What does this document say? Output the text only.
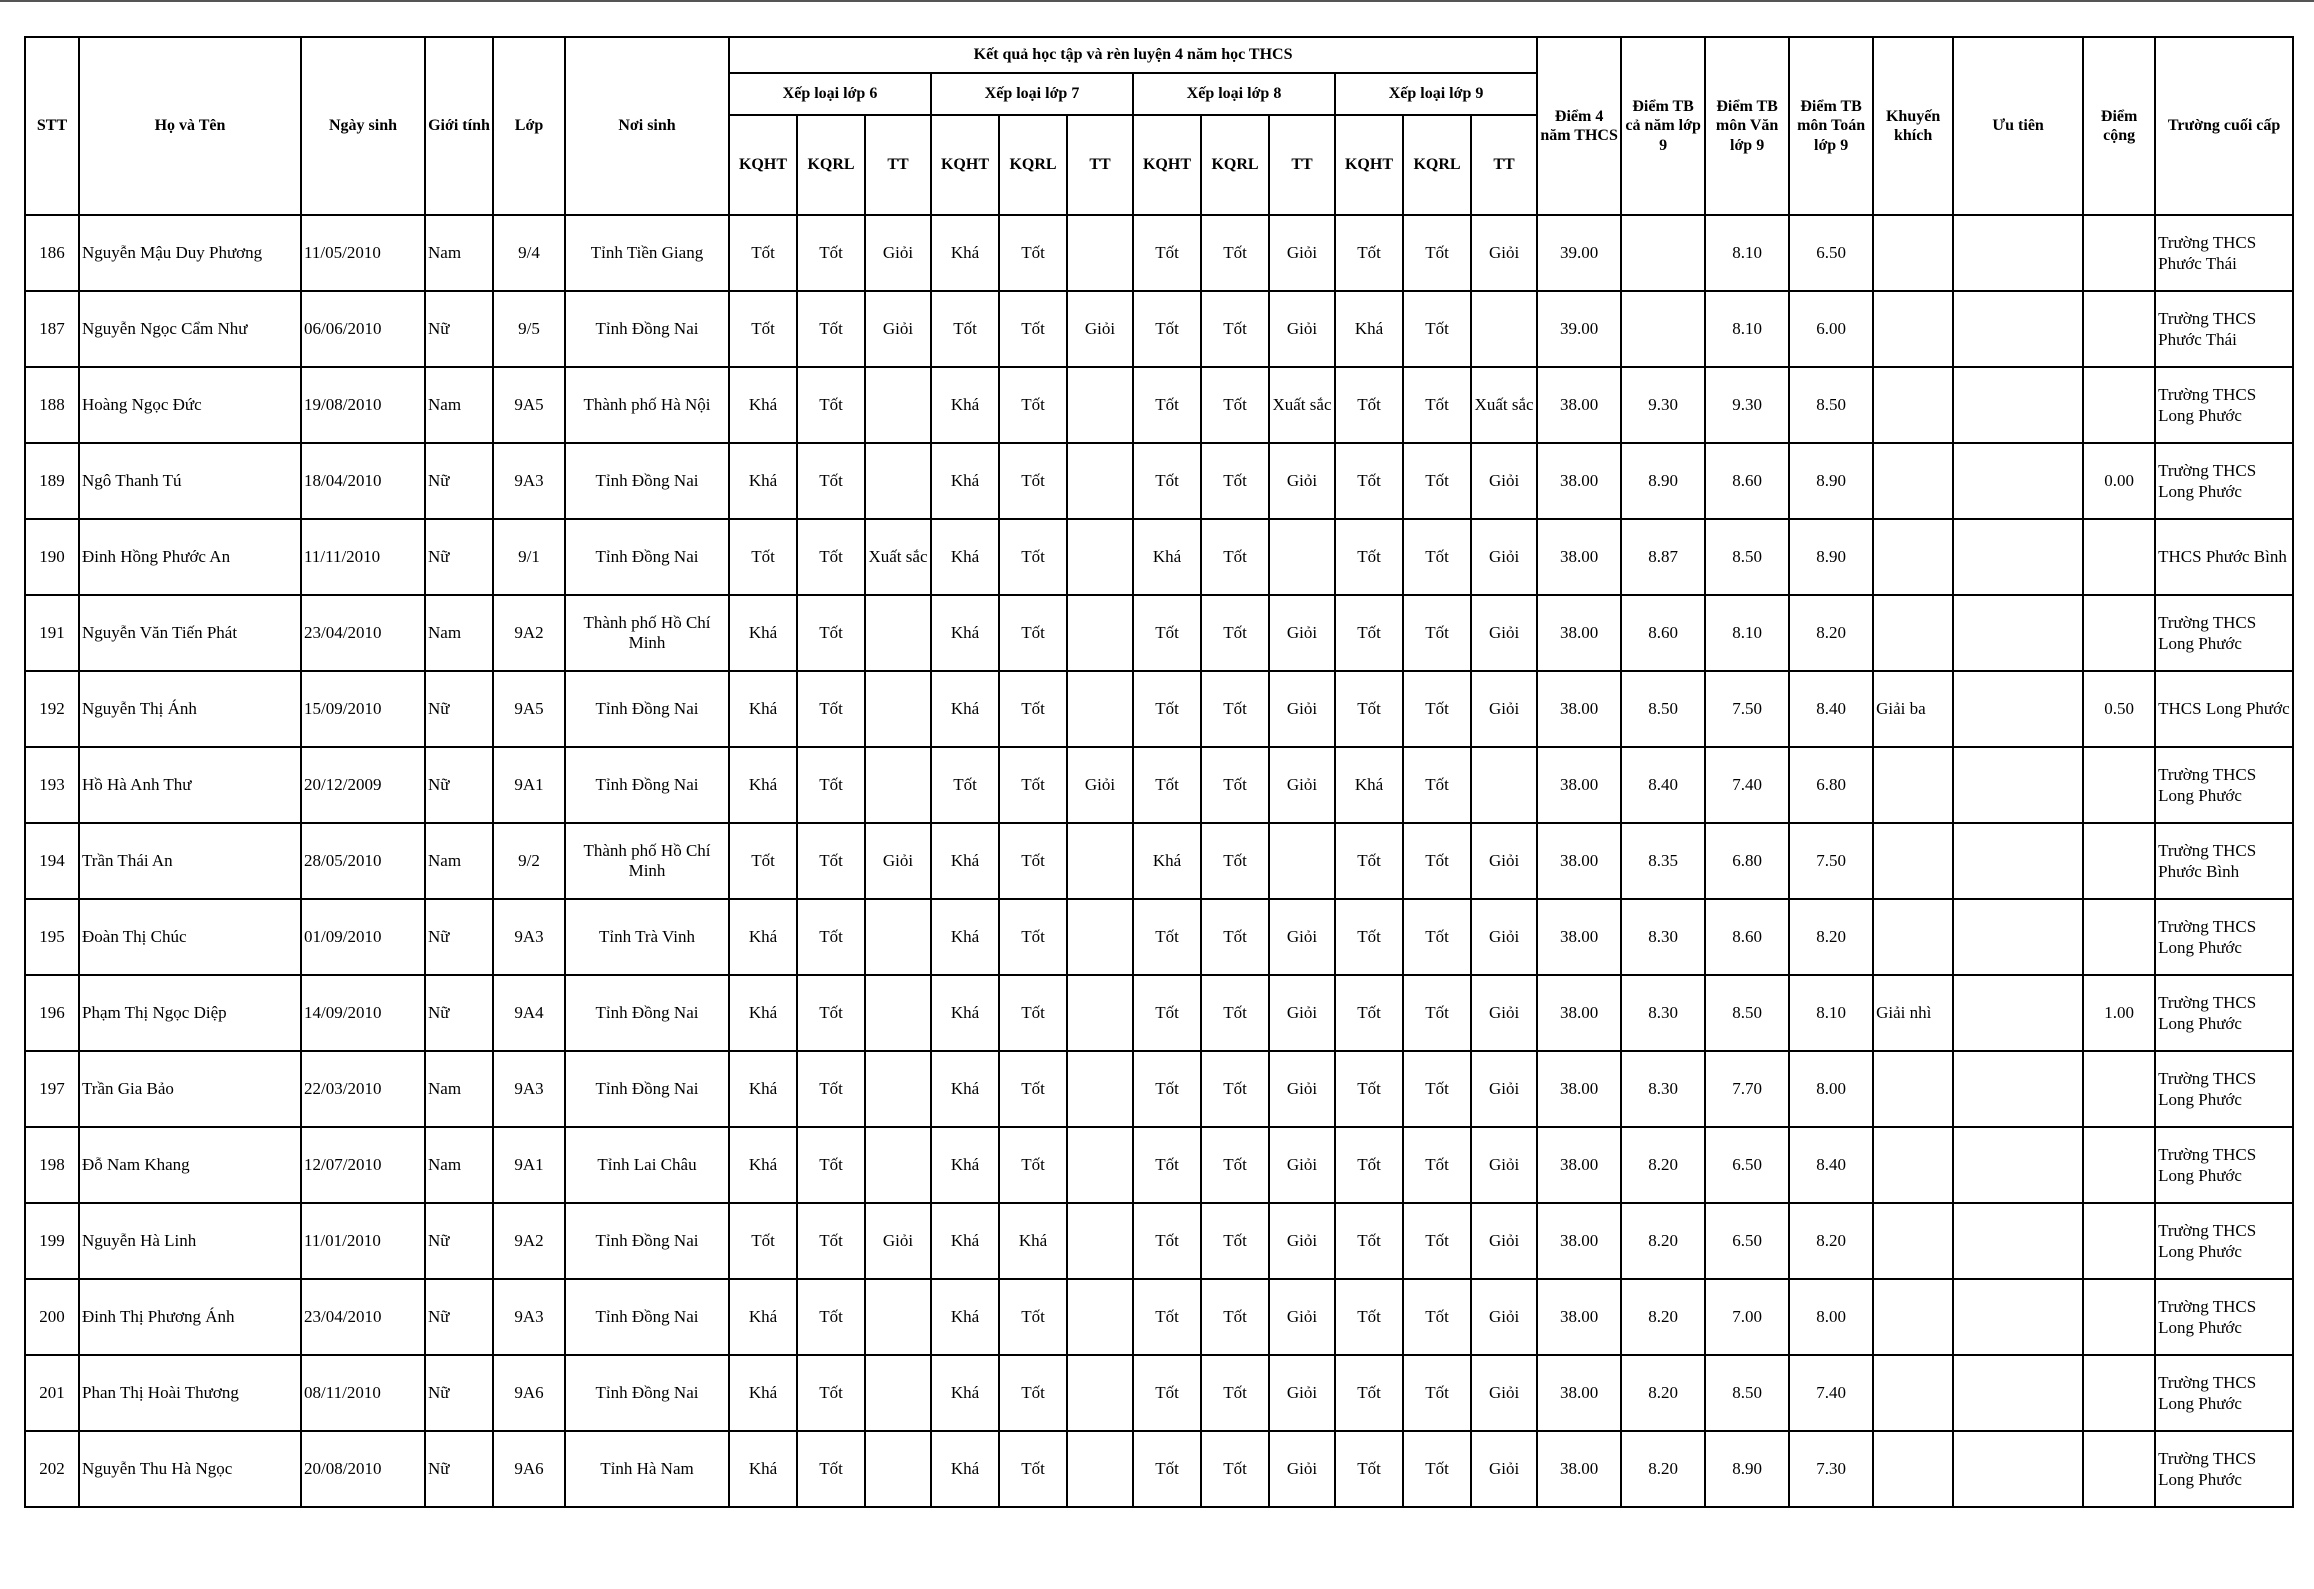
STT	Họ và Tên	Ngày sinh	Giới tính	Lớp	Nơi sinh	Kết quả học tập và rèn luyện 4 năm học THCS												Điểm 4 năm THCS	Điểm TB cả năm lớp 9	Điểm TB môn Văn lớp 9	Điểm TB môn Toán lớp 9	Khuyến khích	Ưu tiên	Điểm cộng	Trường cuối cấp
						Xếp loại lớp 6			Xếp loại lớp 7			Xếp loại lớp 8			Xếp loại lớp 9										
						KQHT	KQRL	TT	KQHT	KQRL	TT	KQHT	KQRL	TT	KQHT	KQRL	TT								
186	Nguyễn Mậu Duy Phương	11/05/2010	Nam	9/4	Tỉnh Tiền Giang	Tốt	Tốt	Giỏi	Khá	Tốt		Tốt	Tốt	Giỏi	Tốt	Tốt	Giỏi	39.00		8.10	6.50				Trường THCS Phước Thái
187	Nguyễn Ngọc Cẩm Như	06/06/2010	Nữ	9/5	Tỉnh Đồng Nai	Tốt	Tốt	Giỏi	Tốt	Tốt	Giỏi	Tốt	Tốt	Giỏi	Khá	Tốt		39.00		8.10	6.00				Trường THCS Phước Thái
188	Hoàng Ngọc Đức	19/08/2010	Nam	9A5	Thành phố Hà Nội	Khá	Tốt		Khá	Tốt		Tốt	Tốt	Xuất sắc	Tốt	Tốt	Xuất sắc	38.00	9.30	9.30	8.50				Trường THCS Long Phước
189	Ngô Thanh Tú	18/04/2010	Nữ	9A3	Tỉnh Đồng Nai	Khá	Tốt		Khá	Tốt		Tốt	Tốt	Giỏi	Tốt	Tốt	Giỏi	38.00	8.90	8.60	8.90			0.00	Trường THCS Long Phước
190	Đinh Hồng Phước An	11/11/2010	Nữ	9/1	Tỉnh Đồng Nai	Tốt	Tốt	Xuất sắc	Khá	Tốt		Khá	Tốt		Tốt	Tốt	Giỏi	38.00	8.87	8.50	8.90				THCS Phước Bình
191	Nguyễn Văn Tiến Phát	23/04/2010	Nam	9A2	Thành phố Hồ Chí Minh	Khá	Tốt		Khá	Tốt		Tốt	Tốt	Giỏi	Tốt	Tốt	Giỏi	38.00	8.60	8.10	8.20				Trường THCS Long Phước
192	Nguyễn Thị Ánh	15/09/2010	Nữ	9A5	Tỉnh Đồng Nai	Khá	Tốt		Khá	Tốt		Tốt	Tốt	Giỏi	Tốt	Tốt	Giỏi	38.00	8.50	7.50	8.40	Giải ba		0.50	THCS Long Phước
193	Hồ Hà Anh Thư	20/12/2009	Nữ	9A1	Tỉnh Đồng Nai	Khá	Tốt		Tốt	Tốt	Giỏi	Tốt	Tốt	Giỏi	Khá	Tốt		38.00	8.40	7.40	6.80				Trường THCS Long Phước
194	Trần Thái An	28/05/2010	Nam	9/2	Thành phố Hồ Chí Minh	Tốt	Tốt	Giỏi	Khá	Tốt		Khá	Tốt		Tốt	Tốt	Giỏi	38.00	8.35	6.80	7.50				Trường THCS Phước Bình
195	Đoàn Thị Chúc	01/09/2010	Nữ	9A3	Tỉnh Trà Vinh	Khá	Tốt		Khá	Tốt		Tốt	Tốt	Giỏi	Tốt	Tốt	Giỏi	38.00	8.30	8.60	8.20				Trường THCS Long Phước
196	Phạm Thị Ngọc Diệp	14/09/2010	Nữ	9A4	Tỉnh Đồng Nai	Khá	Tốt		Khá	Tốt		Tốt	Tốt	Giỏi	Tốt	Tốt	Giỏi	38.00	8.30	8.50	8.10	Giải nhì		1.00	Trường THCS Long Phước
197	Trần Gia Bảo	22/03/2010	Nam	9A3	Tỉnh Đồng Nai	Khá	Tốt		Khá	Tốt		Tốt	Tốt	Giỏi	Tốt	Tốt	Giỏi	38.00	8.30	7.70	8.00				Trường THCS Long Phước
198	Đỗ Nam Khang	12/07/2010	Nam	9A1	Tỉnh Lai Châu	Khá	Tốt		Khá	Tốt		Tốt	Tốt	Giỏi	Tốt	Tốt	Giỏi	38.00	8.20	6.50	8.40				Trường THCS Long Phước
199	Nguyễn Hà Linh	11/01/2010	Nữ	9A2	Tỉnh Đồng Nai	Tốt	Tốt	Giỏi	Khá	Khá		Tốt	Tốt	Giỏi	Tốt	Tốt	Giỏi	38.00	8.20	6.50	8.20				Trường THCS Long Phước
200	Đinh Thị Phương Ánh	23/04/2010	Nữ	9A3	Tỉnh Đồng Nai	Khá	Tốt		Khá	Tốt		Tốt	Tốt	Giỏi	Tốt	Tốt	Giỏi	38.00	8.20	7.00	8.00				Trường THCS Long Phước
201	Phan Thị Hoài Thương	08/11/2010	Nữ	9A6	Tỉnh Đồng Nai	Khá	Tốt		Khá	Tốt		Tốt	Tốt	Giỏi	Tốt	Tốt	Giỏi	38.00	8.20	8.50	7.40				Trường THCS Long Phước
202	Nguyễn Thu Hà Ngọc	20/08/2010	Nữ	9A6	Tỉnh Hà Nam	Khá	Tốt		Khá	Tốt		Tốt	Tốt	Giỏi	Tốt	Tốt	Giỏi	38.00	8.20	8.90	7.30				Trường THCS Long Phước
